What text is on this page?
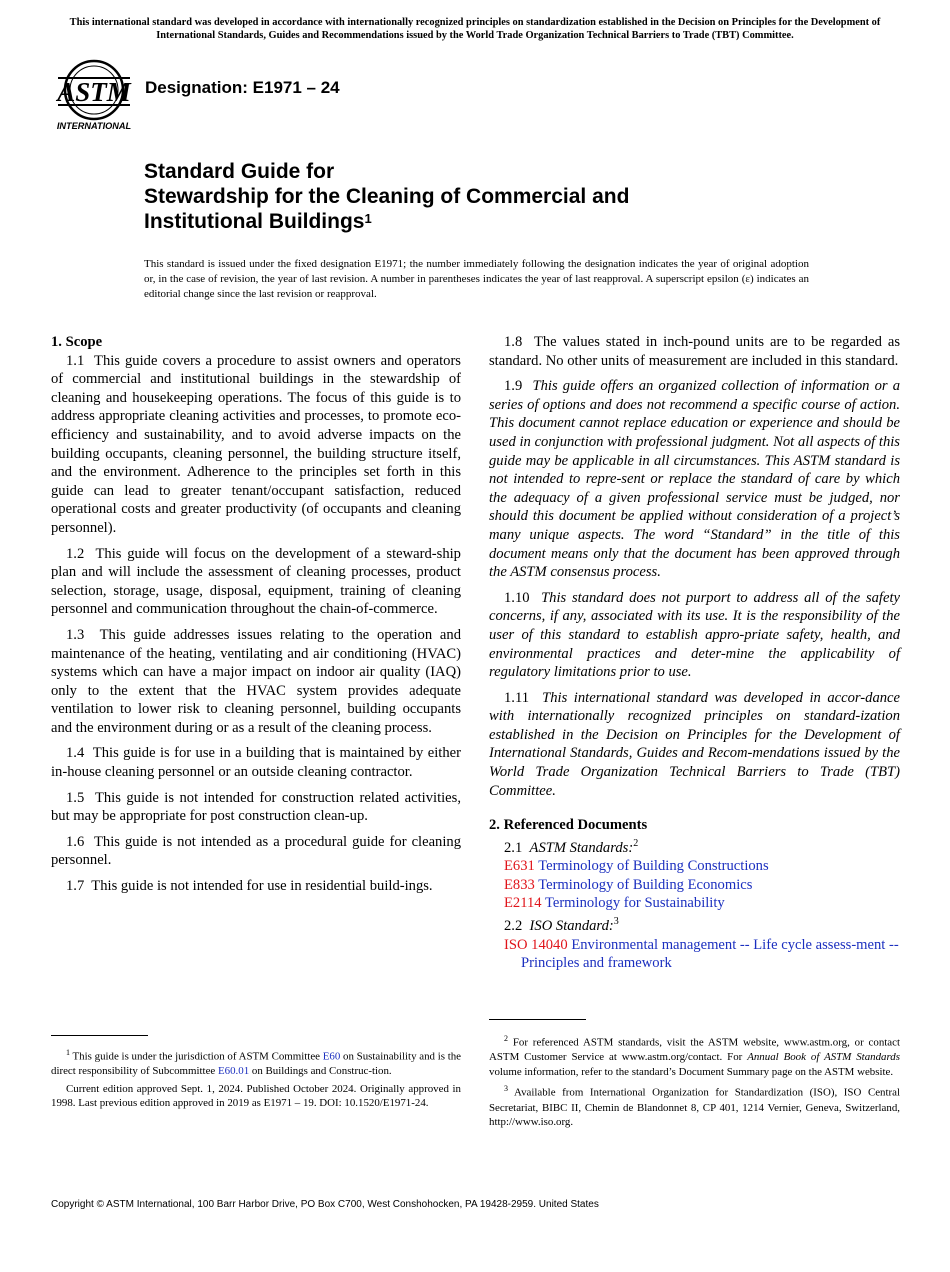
This international standard was developed in accordance with internationally recognized principles on standardization established in the Decision on Principles for the Development of International Standards, Guides and Recommendations issued by the World Trade Organization Technical Barriers to Trade (TBT) Committee.
ASTM
INTERNATIONAL
Designation: E1971 – 24
Standard Guide for
Stewardship for the Cleaning of Commercial and
Institutional Buildings$^1$
This standard is issued under the fixed designation E1971; the number immediately following the designation indicates the year of original adoption or, in the case of revision, the year of last revision. A number in parentheses indicates the year of last reapproval. A superscript epsilon (ε) indicates an editorial change since the last revision or reapproval.
1. Scope

1.1 This guide covers a procedure to assist owners and operators of commercial and institutional buildings in the stewardship of cleaning and housekeeping operations. The focus of this guide is to address appropriate cleaning activities and processes, to promote eco-efficiency and sustainability, and to avoid adverse impacts on the building occupants, cleaning personnel, the building structure itself, and the environment. Adherence to the principles set forth in this guide can lead to greater tenant/occupant satisfaction, reduced operational costs and greater productivity (of occupants and cleaning personnel).

1.2 This guide will focus on the development of a steward-ship plan and will include the assessment of cleaning processes, product selection, storage, usage, disposal, equipment, training of cleaning personnel and communication throughout the chain-of-commerce.

1.3 This guide addresses issues relating to the operation and maintenance of the heating, ventilating and air conditioning (HVAC) systems which can have a major impact on indoor air quality (IAQ) only to the extent that the HVAC system provides adequate ventilation to lower risk to cleaning personnel, building occupants and the environment during or as a result of the cleaning process.

1.4 This guide is for use in a building that is maintained by either in-house cleaning personnel or an outside cleaning contractor.

1.5 This guide is not intended for construction related activities, but may be appropriate for post construction clean-up.

1.6 This guide is not intended as a procedural guide for cleaning personnel.

1.7 This guide is not intended for use in residential build-ings.

1.8 The values stated in inch-pound units are to be regarded as standard. No other units of measurement are included in this standard.

1.9 This guide offers an organized collection of information or a series of options and does not recommend a specific course of action. This document cannot replace education or experience and should be used in conjunction with professional judgment. Not all aspects of this guide may be applicable in all circumstances. This ASTM standard is not intended to repre-sent or replace the standard of care by which the adequacy of a given professional service must be judged, nor should this document be applied without consideration of a project’s many unique aspects. The word “Standard” in the title of this document means only that the document has been approved through the ASTM consensus process.

1.10 This standard does not purport to address all of the safety concerns, if any, associated with its use. It is the responsibility of the user of this standard to establish appro-priate safety, health, and environmental practices and deter-mine the applicability of regulatory limitations prior to use.

1.11 This international standard was developed in accor-dance with internationally recognized principles on standard-ization established in the Decision on Principles for the Development of International Standards, Guides and Recom-mendations issued by the World Trade Organization Technical Barriers to Trade (TBT) Committee.

2. Referenced Documents
2.1 ASTM Standards:$^2$
E631 Terminology of Building Constructions
E833 Terminology of Building Economics
E2114 Terminology for Sustainability
2.2 ISO Standard:$^3$
ISO 14040 Environmental management -- Life cycle assess-ment -- Principles and framework

$^1$ This guide is under the jurisdiction of ASTM Committee E60 on Sustainability and is the direct responsibility of Subcommittee E60.01 on Buildings and Construc-tion.

Current edition approved Sept. 1, 2024. Published October 2024. Originally approved in 1998. Last previous edition approved in 2019 as E1971 – 19. DOI: 10.1520/E1971-24.

$^2$ For referenced ASTM standards, visit the ASTM website, www.astm.org, or contact ASTM Customer Service at www.astm.org/contact. For Annual Book of ASTM Standards volume information, refer to the standard’s Document Summary page on the ASTM website.

$^3$ Available from International Organization for Standardization (ISO), ISO Central Secretariat, BIBC II, Chemin de Blandonnet 8, CP 401, 1214 Vernier, Geneva, Switzerland, http://www.iso.org.

Copyright © ASTM International, 100 Barr Harbor Drive, PO Box C700, West Conshohocken, PA 19428-2959. United States
